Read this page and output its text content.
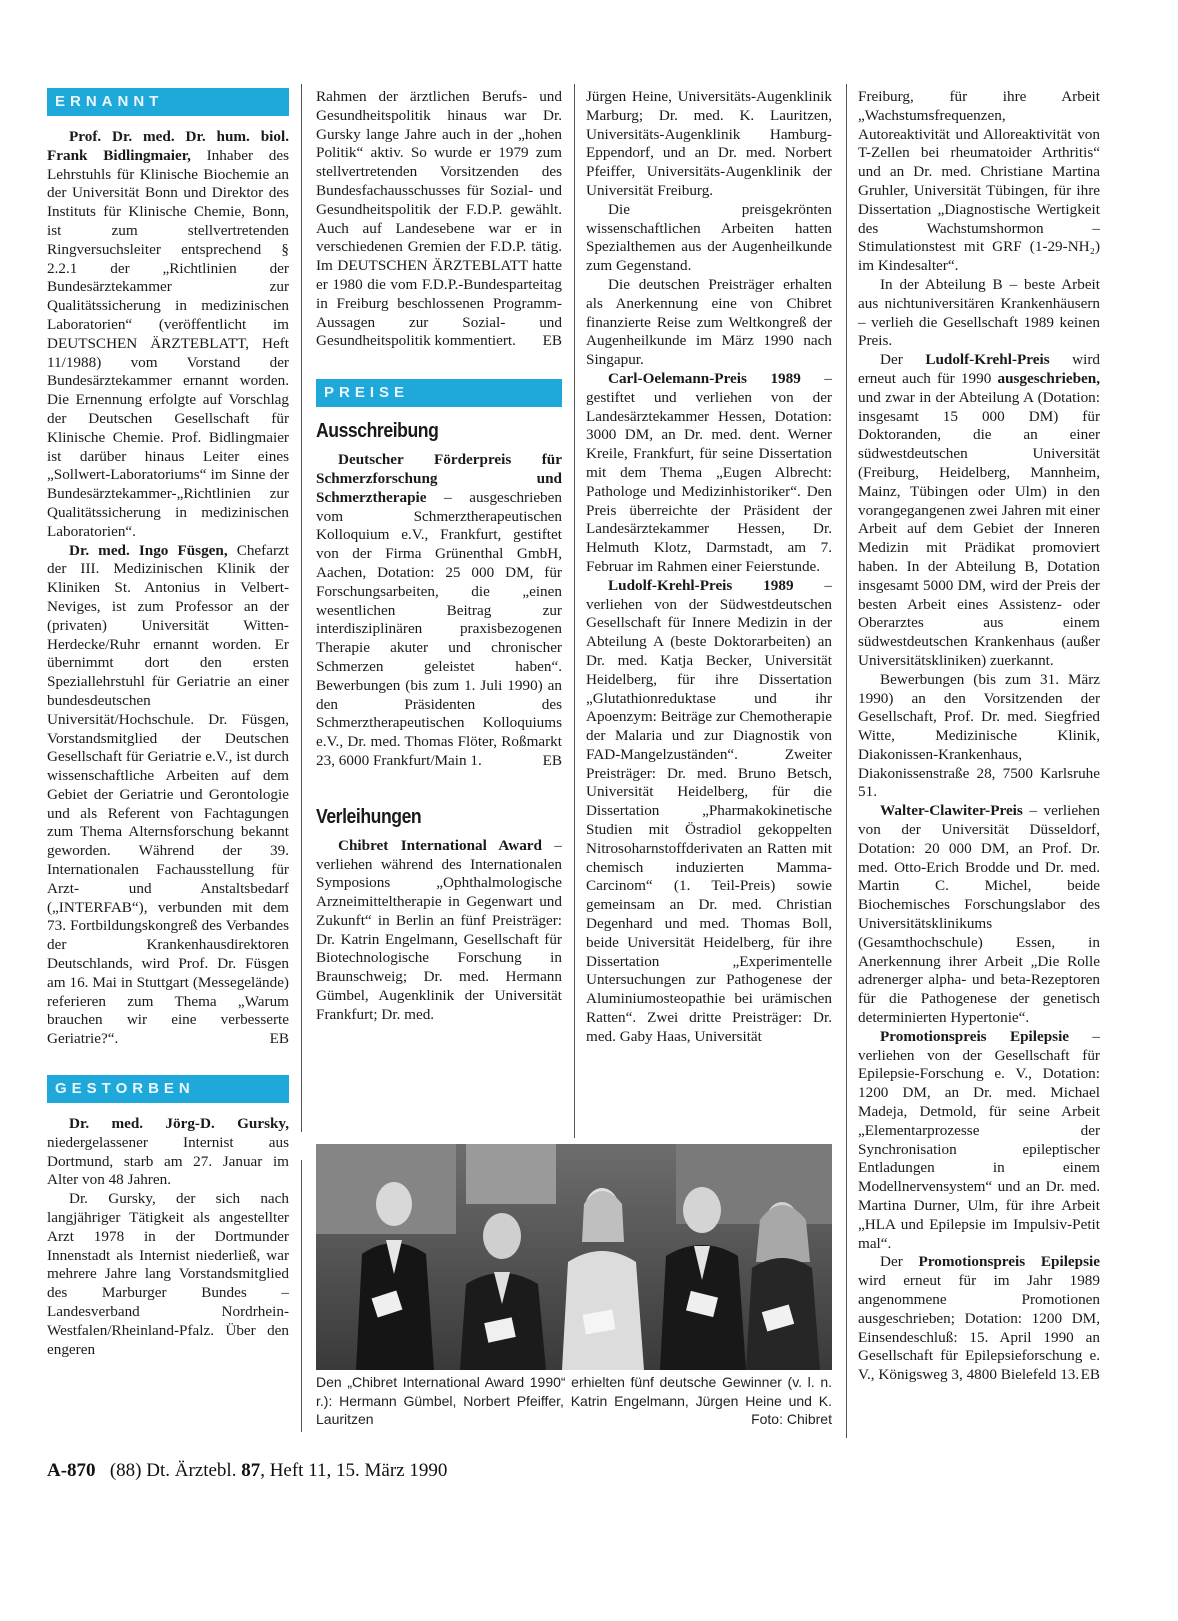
ERNANNT

Prof. Dr. med. Dr. hum. biol. Frank Bidlingmaier, Inhaber des Lehrstuhls für Klinische Biochemie an der Universität Bonn und Direktor des Instituts für Klinische Chemie, Bonn, ist zum stellvertretenden Ringversuchsleiter entsprechend § 2.2.1 der „Richtlinien der Bundesärztekammer zur Qualitätssicherung in medizinischen Laboratorien“ (veröffentlicht im DEUTSCHEN ÄRZTEBLATT, Heft 11/1988) vom Vorstand der Bundesärztekammer ernannt worden. Die Ernennung erfolgte auf Vorschlag der Deutschen Gesellschaft für Klinische Chemie. Prof. Bidlingmaier ist darüber hinaus Leiter eines „Sollwert-Laboratoriums“ im Sinne der Bundesärztekammer-„Richtlinien zur Qualitätssicherung in medizinischen Laboratorien“.

Dr. med. Ingo Füsgen, Chefarzt der III. Medizinischen Klinik der Kliniken St. Antonius in Velbert-Neviges, ist zum Professor an der (privaten) Universität Witten-Herdecke/Ruhr ernannt worden. Er übernimmt dort den ersten Speziallehrstuhl für Geriatrie an einer bundesdeutschen Universität/Hochschule. Dr. Füsgen, Vorstandsmitglied der Deutschen Gesellschaft für Geriatrie e.V., ist durch wissenschaftliche Arbeiten auf dem Gebiet der Geriatrie und Gerontologie und als Referent von Fachtagungen zum Thema Alternsforschung bekannt geworden. Während der 39. Internationalen Fachausstellung für Arzt- und Anstaltsbedarf („INTERFAB“), verbunden mit dem 73. Fortbildungskongreß des Verbandes der Krankenhausdirektoren Deutschlands, wird Prof. Dr. Füsgen am 16. Mai in Stuttgart (Messegelände) referieren zum Thema „Warum brauchen wir eine verbesserte Geriatrie?“.	EB

GESTORBEN

Dr. med. Jörg-D. Gursky, niedergelassener Internist aus Dortmund, starb am 27. Januar im Alter von 48 Jahren.

Dr. Gursky, der sich nach langjähriger Tätigkeit als angestellter Arzt 1978 in der Dortmunder Innenstadt als Internist niederließ, war mehrere Jahre lang Vorstandsmitglied des Marburger Bundes – Landesverband Nordrhein-Westfalen/Rheinland-Pfalz. Über den engeren

Rahmen der ärztlichen Berufs- und Gesundheitspolitik hinaus war Dr. Gursky lange Jahre auch in der „hohen Politik“ aktiv. So wurde er 1979 zum stellvertretenden Vorsitzenden des Bundesfachausschusses für Sozial- und Gesundheitspolitik der F.D.P. gewählt. Auch auf Landesebene war er in verschiedenen Gremien der F.D.P. tätig. Im DEUTSCHEN ÄRZTEBLATT hatte er 1980 die vom F.D.P.-Bundesparteitag in Freiburg beschlossenen Programm-Aussagen zur Sozial- und Gesundheitspolitik kommentiert. EB

PREISE
Ausschreibung

Deutscher Förderpreis für Schmerzforschung und Schmerztherapie – ausgeschrieben vom Schmerztherapeutischen Kolloquium e.V., Frankfurt, gestiftet von der Firma Grünenthal GmbH, Aachen, Dotation: 25 000 DM, für Forschungsarbeiten, die „einen wesentlichen Beitrag zur interdisziplinären praxisbezogenen Therapie akuter und chronischer Schmerzen geleistet haben“. Bewerbungen (bis zum 1. Juli 1990) an den Präsidenten des Schmerztherapeutischen Kolloquiums e.V., Dr. med. Thomas Flöter, Roßmarkt 23, 6000 Frankfurt/Main 1.	EB

Verleihungen

Chibret International Award – verliehen während des Internationalen Symposions „Ophthalmologische Arzneimitteltherapie in Gegenwart und Zukunft“ in Berlin an fünf Preisträger: Dr. Katrin Engelmann, Gesellschaft für Biotechnologische Forschung in Braunschweig; Dr. med. Hermann Gümbel, Augenklinik der Universität Frankfurt; Dr. med.

Jürgen Heine, Universitäts-Augenklinik Marburg; Dr. med. K. Lauritzen, Universitäts-Augenklinik Hamburg-Eppendorf, und an Dr. med. Norbert Pfeiffer, Universitäts-Augenklinik der Universität Freiburg.

Die preisgekrönten wissenschaftlichen Arbeiten hatten Spezialthemen aus der Augenheilkunde zum Gegenstand.

Die deutschen Preisträger erhalten als Anerkennung eine von Chibret finanzierte Reise zum Weltkongreß der Augenheilkunde im März 1990 nach Singapur.

Carl-Oelemann-Preis 1989 – gestiftet und verliehen von der Landesärztekammer Hessen, Dotation: 3000 DM, an Dr. med. dent. Werner Kreile, Frankfurt, für seine Dissertation mit dem Thema „Eugen Albrecht: Pathologe und Medizinhistoriker“. Den Preis überreichte der Präsident der Landesärztekammer Hessen, Dr. Helmuth Klotz, Darmstadt, am 7. Februar im Rahmen einer Feierstunde.

Ludolf-Krehl-Preis 1989 – verliehen von der Südwestdeutschen Gesellschaft für Innere Medizin in der Abteilung A (beste Doktorarbeiten) an Dr. med. Katja Becker, Universität Heidelberg, für ihre Dissertation „Glutathionreduktase und ihr Apoenzym: Beiträge zur Chemotherapie der Malaria und zur Diagnostik von FAD-Mangelzuständen“. Zweiter Preisträger: Dr. med. Bruno Betsch, Universität Heidelberg, für die Dissertation „Pharmakokinetische Studien mit Östradiol gekoppelten Nitrosoharnstoffderivaten an Ratten mit chemisch induzierten Mamma-Carcinom“ (1. Teil-Preis) sowie gemeinsam an Dr. med. Christian Degenhard und med. Thomas Boll, beide Universität Heidelberg, für ihre Dissertation „Experimentelle Untersuchungen zur Pathogenese der Aluminiumosteopathie bei urämischen Ratten“. Zwei dritte Preisträger: Dr. med. Gaby Haas, Universität

Freiburg, für ihre Arbeit „Wachstumsfrequenzen, Autoreaktivität und Alloreaktivität von T-Zellen bei rheumatoider Arthritis“ und an Dr. med. Christiane Martina Gruhler, Universität Tübingen, für ihre Dissertation „Diagnostische Wertigkeit des Wachstumshormon – Stimulationstest mit GRF (1-29-NH₂) im Kindesalter“.

In der Abteilung B – beste Arbeit aus nichtuniversitären Krankenhäusern – verlieh die Gesellschaft 1989 keinen Preis.

Der Ludolf-Krehl-Preis wird erneut auch für 1990 ausgeschrieben, und zwar in der Abteilung A (Dotation: insgesamt 15 000 DM) für Doktoranden, die an einer südwestdeutschen Universität (Freiburg, Heidelberg, Mannheim, Mainz, Tübingen oder Ulm) in den vorangegangenen zwei Jahren mit einer Arbeit auf dem Gebiet der Inneren Medizin mit Prädikat promoviert haben. In der Abteilung B, Dotation insgesamt 5000 DM, wird der Preis der besten Arbeit eines Assistenz- oder Oberarztes aus einem südwestdeutschen Krankenhaus (außer Universitätskliniken) zuerkannt.

Bewerbungen (bis zum 31. März 1990) an den Vorsitzenden der Gesellschaft, Prof. Dr. med. Siegfried Witte, Medizinische Klinik, Diakonissen-Krankenhaus, Diakonissenstraße 28, 7500 Karlsruhe 51.

Walter-Clawiter-Preis – verliehen von der Universität Düsseldorf, Dotation: 20 000 DM, an Prof. Dr. med. Otto-Erich Brodde und Dr. med. Martin C. Michel, beide Biochemisches Forschungslabor des Universitätsklinikums (Gesamthochschule) Essen, in Anerkennung ihrer Arbeit „Die Rolle adrenerger alpha- und beta-Rezeptoren für die Pathogenese der genetisch determinierten Hypertonie“.

Promotionspreis Epilepsie – verliehen von der Gesellschaft für Epilepsie-Forschung e. V., Dotation: 1200 DM, an Dr. med. Michael Madeja, Detmold, für seine Arbeit „Elementarprozesse der Synchronisation epileptischer Entladungen in einem Modellnervensystem“ und an Dr. med. Martina Durner, Ulm, für ihre Arbeit „HLA und Epilepsie im Impulsiv-Petit mal“.

Der Promotionspreis Epilepsie wird erneut für im Jahr 1989 angenommene Promotionen ausgeschrieben; Dotation: 1200 DM, Einsendeschluß: 15. April 1990 an Gesellschaft für Epilepsieforschung e. V., Königsweg 3, 4800 Bielefeld 13. EB

Den „Chibret International Award 1990“ erhielten fünf deutsche Gewinner (v. l. n. r.): Hermann Gümbel, Norbert Pfeiffer, Katrin Engelmann, Jürgen Heine und K. Lauritzen	Foto: Chibret
A-870 (88) Dt. Ärztebl. 87, Heft 11, 15. März 1990
